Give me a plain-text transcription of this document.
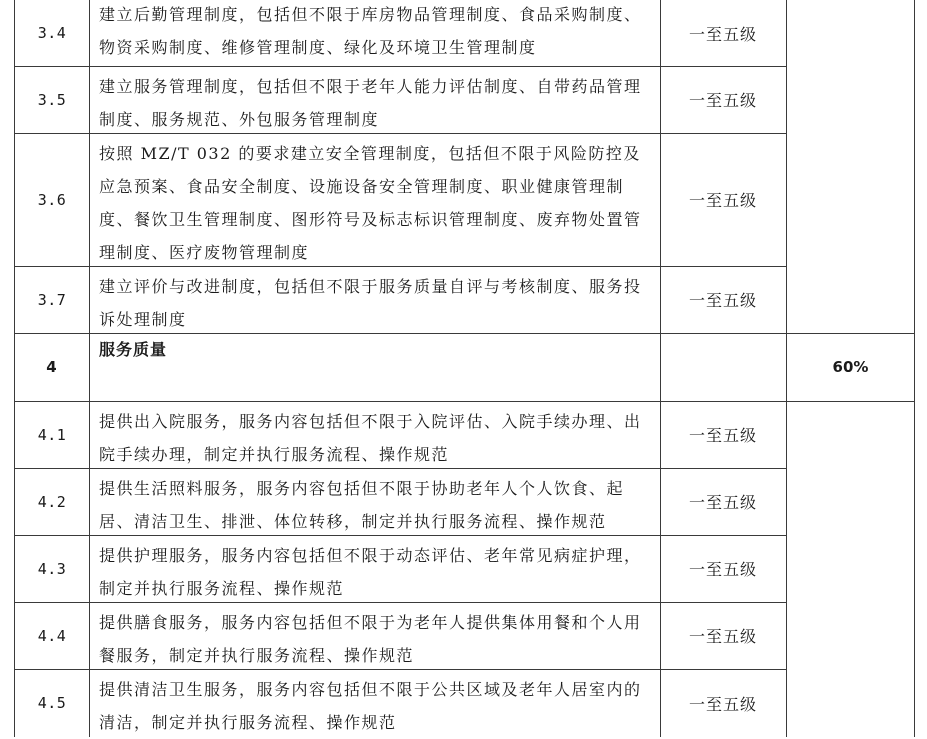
3.4
建立后勤管理制度，包括但不限于库房物品管理制度、食品采购制度、物资采购制度、维修管理制度、绿化及环境卫生管理制度
一至五级
3.5
建立服务管理制度，包括但不限于老年人能力评估制度、自带药品管理制度、服务规范、外包服务管理制度
一至五级
3.6
按照 MZ/T 032 的要求建立安全管理制度，包括但不限于风险防控及应急预案、食品安全制度、设施设备安全管理制度、职业健康管理制度、餐饮卫生管理制度、图形符号及标志标识管理制度、废弃物处置管理制度、医疗废物管理制度
一至五级
3.7
建立评价与改进制度，包括但不限于服务质量自评与考核制度、服务投诉处理制度
一至五级
4
服务质量
60%
4.1
提供出入院服务，服务内容包括但不限于入院评估、入院手续办理、出院手续办理，制定并执行服务流程、操作规范
一至五级
4.2
提供生活照料服务，服务内容包括但不限于协助老年人个人饮食、起居、清洁卫生、排泄、体位转移，制定并执行服务流程、操作规范
一至五级
4.3
提供护理服务，服务内容包括但不限于动态评估、老年常见病症护理，制定并执行服务流程、操作规范
一至五级
4.4
提供膳食服务，服务内容包括但不限于为老年人提供集体用餐和个人用餐服务，制定并执行服务流程、操作规范
一至五级
4.5
提供清洁卫生服务，服务内容包括但不限于公共区域及老年人居室内的清洁，制定并执行服务流程、操作规范
一至五级
